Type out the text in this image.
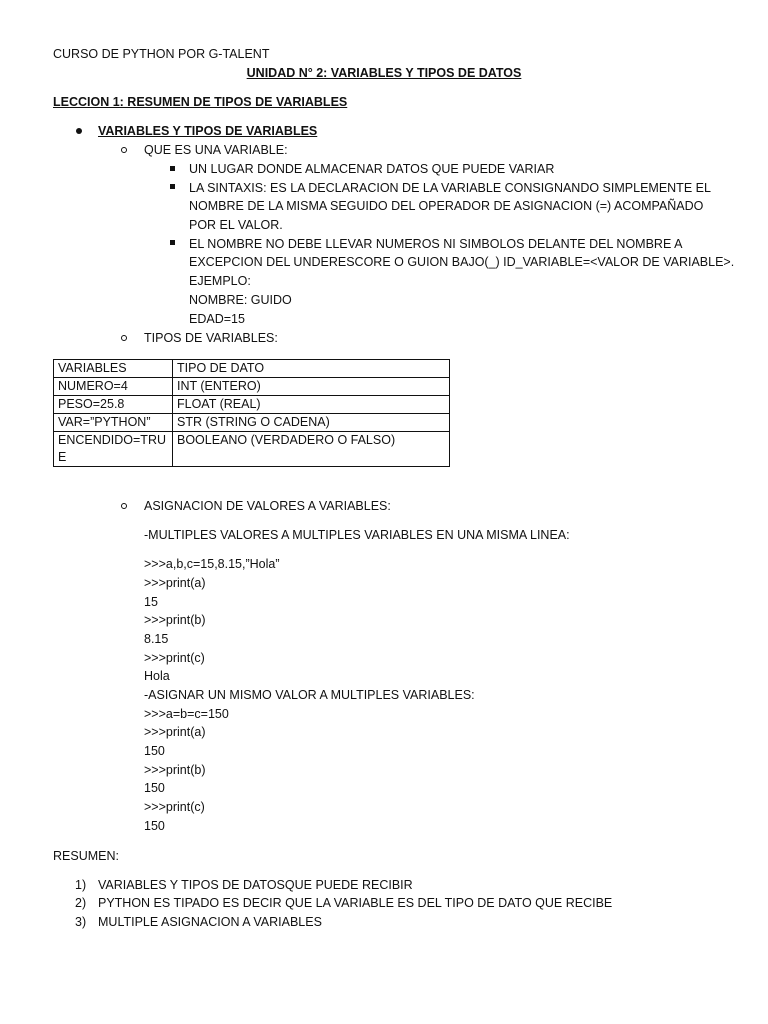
CURSO DE PYTHON POR G-TALENT
UNIDAD N° 2: VARIABLES Y TIPOS DE DATOS
LECCION 1: RESUMEN DE TIPOS DE VARIABLES
VARIABLES Y TIPOS DE VARIABLES
QUE ES UNA VARIABLE:
UN LUGAR DONDE ALMACENAR DATOS QUE PUEDE VARIAR
LA SINTAXIS: ES LA DECLARACION DE LA VARIABLE CONSIGNANDO SIMPLEMENTE EL
NOMBRE DE LA MISMA SEGUIDO DEL OPERADOR DE ASIGNACION (=) ACOMPAÑADO
POR EL VALOR.
EL NOMBRE NO DEBE LLEVAR NUMEROS NI SIMBOLOS DELANTE DEL NOMBRE A
EXCEPCION DEL UNDERESCORE O GUION BAJO(_) ID_VARIABLE=<VALOR DE VARIABLE>.
EJEMPLO:
NOMBRE: GUIDO
EDAD=15
TIPOS DE VARIABLES:
VARIABLES	TIPO DE DATO
NUMERO=4	INT (ENTERO)
PESO=25.8	FLOAT (REAL)
VAR=”PYTHON”	STR (STRING O CADENA)
ENCENDIDO=TRUE	BOOLEANO (VERDADERO O FALSO)
ASIGNACION DE VALORES A VARIABLES:
-MULTIPLES VALORES A MULTIPLES VARIABLES EN UNA MISMA LINEA:
>>>a,b,c=15,8.15,”Hola”
>>>print(a)
15
>>>print(b)
8.15
>>>print(c)
Hola
-ASIGNAR UN MISMO VALOR A MULTIPLES VARIABLES:
>>>a=b=c=150
>>>print(a)
150
>>>print(b)
150
>>>print(c)
150
RESUMEN:
1) VARIABLES Y TIPOS DE DATOSQUE PUEDE RECIBIR
2) PYTHON ES TIPADO ES DECIR QUE LA VARIABLE ES DEL TIPO DE DATO QUE RECIBE
3) MULTIPLE ASIGNACION A VARIABLES
